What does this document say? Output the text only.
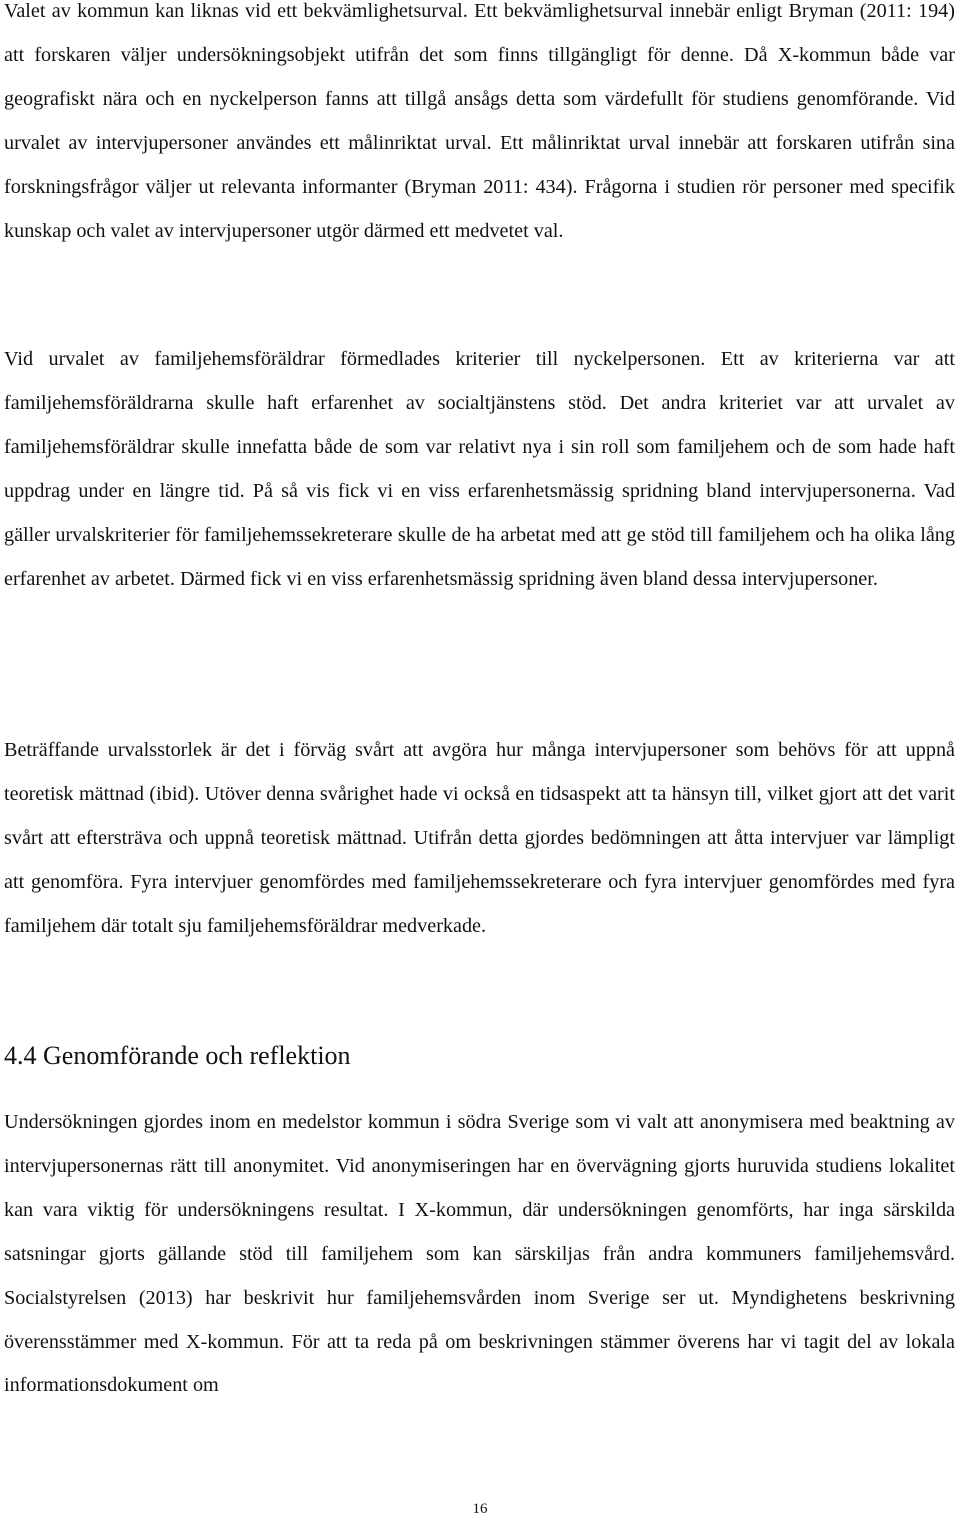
Valet av kommun kan liknas vid ett bekvämlighetsurval. Ett bekvämlighetsurval innebär enligt Bryman (2011: 194) att forskaren väljer undersökningsobjekt utifrån det som finns tillgängligt för denne. Då X-kommun både var geografiskt nära och en nyckelperson fanns att tillgå ansågs detta som värdefullt för studiens genomförande. Vid urvalet av intervjupersoner användes ett målinriktat urval. Ett målinriktat urval innebär att forskaren utifrån sina forskningsfrågor väljer ut relevanta informanter (Bryman 2011: 434). Frågorna i studien rör personer med specifik kunskap och valet av intervjupersoner utgör därmed ett medvetet val.

Vid urvalet av familjehemsföräldrar förmedlades kriterier till nyckelpersonen. Ett av kriterierna var att familjehemsföräldrarna skulle haft erfarenhet av socialtjänstens stöd. Det andra kriteriet var att urvalet av familjehemsföräldrar skulle innefatta både de som var relativt nya i sin roll som familjehem och de som hade haft uppdrag under en längre tid. På så vis fick vi en viss erfarenhetsmässig spridning bland intervjupersonerna. Vad gäller urvalskriterier för familjehemssekreterare skulle de ha arbetat med att ge stöd till familjehem och ha olika lång erfarenhet av arbetet. Därmed fick vi en viss erfarenhetsmässig spridning även bland dessa intervjupersoner.

Beträffande urvalsstorlek är det i förväg svårt att avgöra hur många intervjupersoner som behövs för att uppnå teoretisk mättnad (ibid). Utöver denna svårighet hade vi också en tidsaspekt att ta hänsyn till, vilket gjort att det varit svårt att eftersträva och uppnå teoretisk mättnad. Utifrån detta gjordes bedömningen att åtta intervjuer var lämpligt att genomföra. Fyra intervjuer genomfördes med familjehemssekreterare och fyra intervjuer genomfördes med fyra familjehem där totalt sju familjehemsföräldrar medverkade.

4.4 Genomförande och reflektion

Undersökningen gjordes inom en medelstor kommun i södra Sverige som vi valt att anonymisera med beaktning av intervjupersonernas rätt till anonymitet. Vid anonymiseringen har en övervägning gjorts huruvida studiens lokalitet kan vara viktig för undersökningens resultat. I X-kommun, där undersökningen genomförts, har inga särskilda satsningar gjorts gällande stöd till familjehem som kan särskiljas från andra kommuners familjehemsvård. Socialstyrelsen (2013) har beskrivit hur familjehemsvården inom Sverige ser ut. Myndighetens beskrivning överensstämmer med X-kommun. För att ta reda på om beskrivningen stämmer överens har vi tagit del av lokala informationsdokument om

16
